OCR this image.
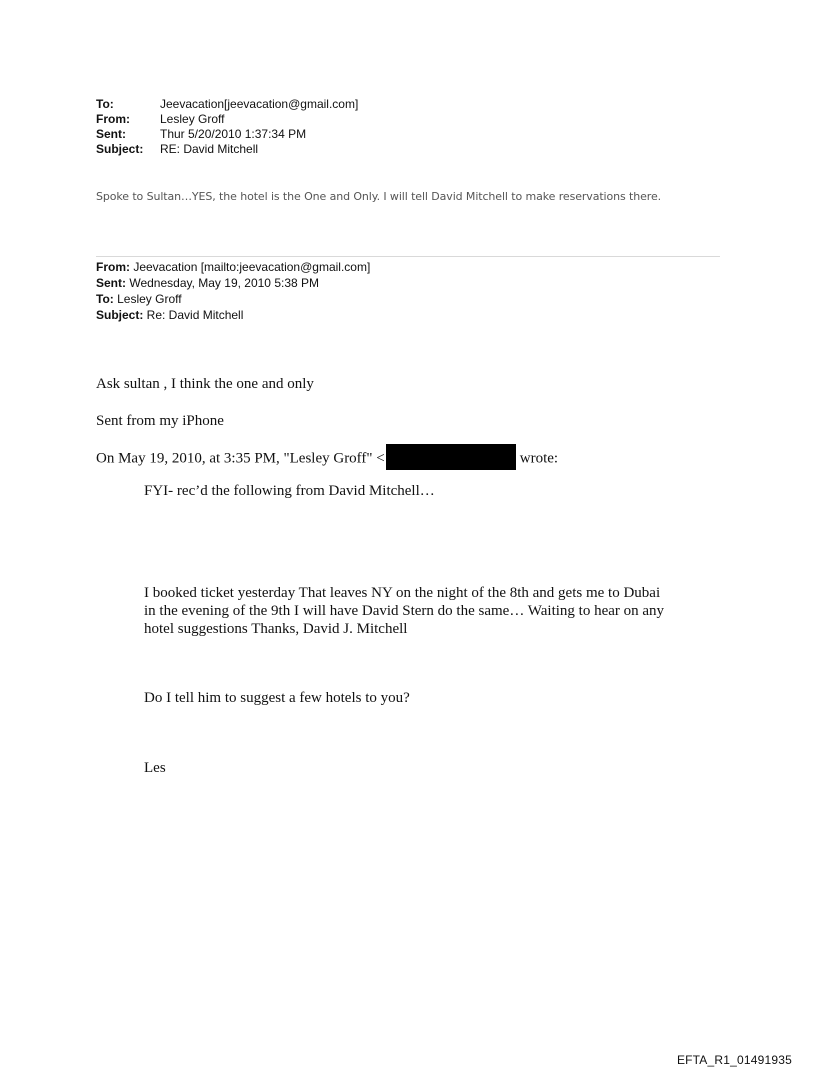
To:	Jeevacation[jeevacation@gmail.com]
From:	Lesley Groff
Sent:	Thur 5/20/2010 1:37:34 PM
Subject:	RE: David Mitchell
Spoke to Sultan…YES, the hotel is the One and Only. I will tell David Mitchell to make reservations there.
From: Jeevacation [mailto:jeevacation@gmail.com]
Sent: Wednesday, May 19, 2010 5:38 PM
To: Lesley Groff
Subject: Re: David Mitchell
Ask sultan , I think the one and only
Sent from my iPhone
On May 19, 2010, at 3:35 PM, "Lesley Groff" <	wrote:
FYI- rec’d the following from David Mitchell…
I booked ticket yesterday That leaves NY on the night of the 8th and gets me to Dubai in the evening of the 9th I will have David Stern do the same… Waiting to hear on any hotel suggestions Thanks, David J. Mitchell
Do I tell him to suggest a few hotels to you?
Les
EFTA_R1_01491935
